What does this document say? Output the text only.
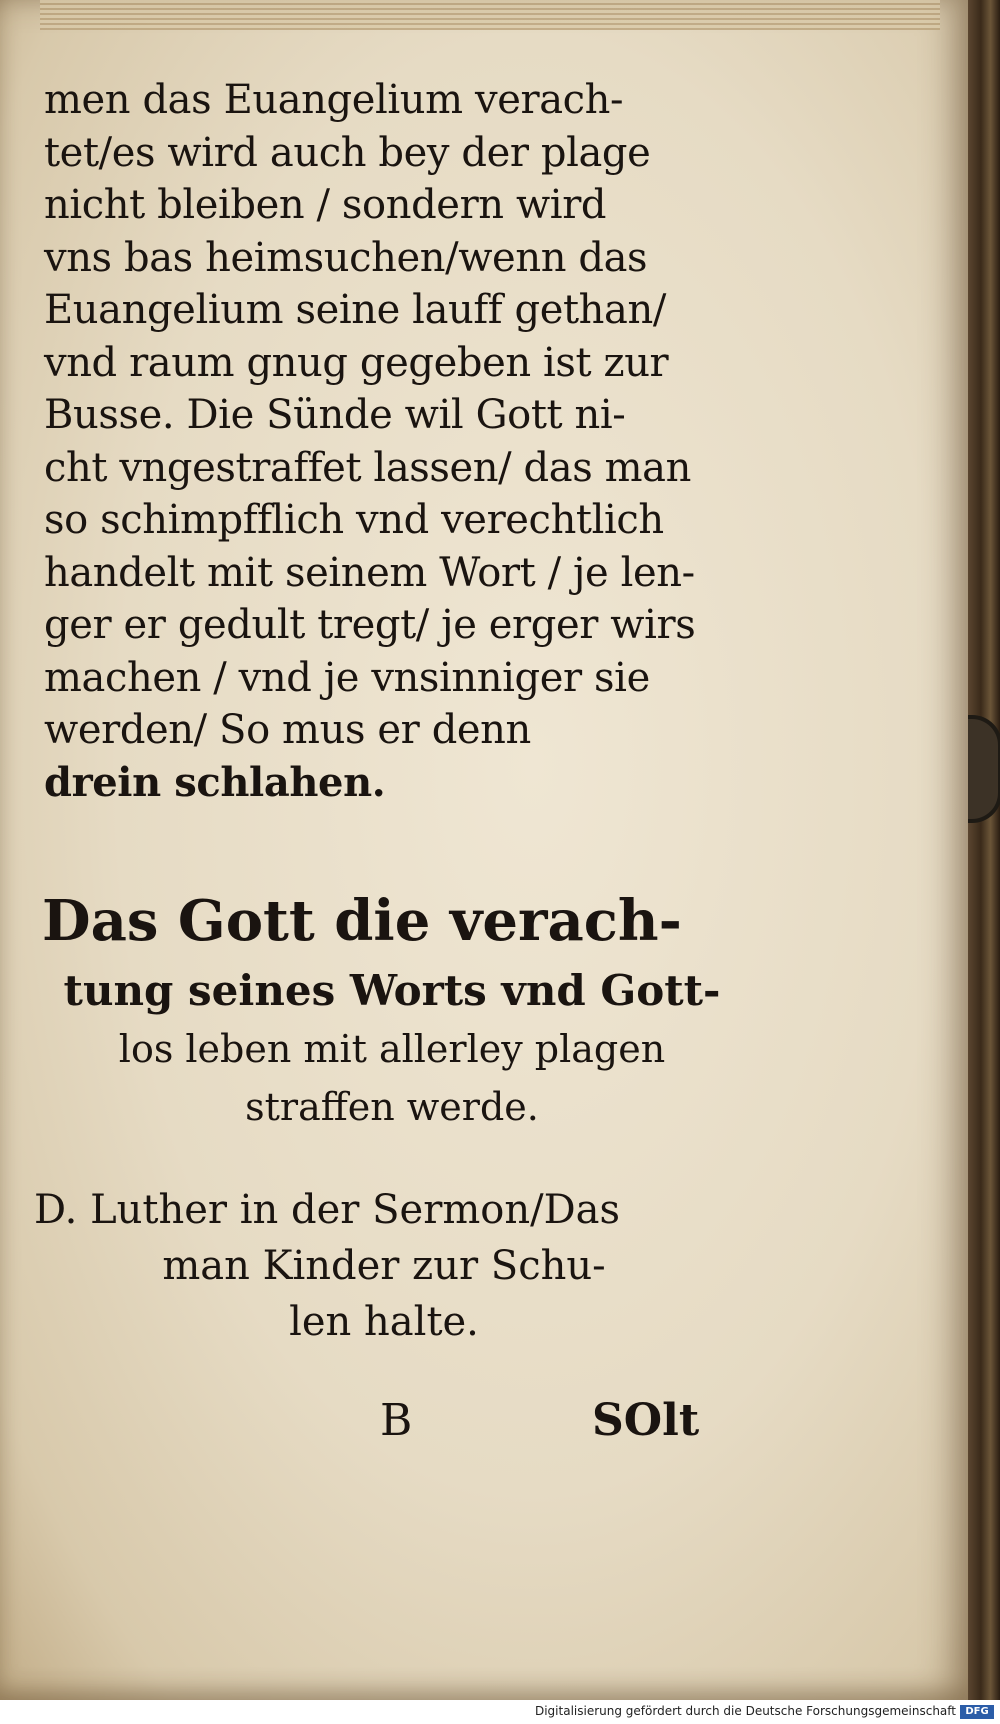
men das Euangelium verach-
tet/es wird auch bey der plage
nicht bleiben / sondern wird
vns bas heimsuchen/wenn das
Euangelium seine lauff gethan/
vnd raum gnug gegeben ist zur
Busse. Die Sünde wil Gott ni-
cht vngestraffet lassen/ das man
so schimpfflich vnd verechtlich
handelt mit seinem Wort / je len-
ger er gedult tregt/ je erger wirs
machen / vnd je vnsinniger sie
werden/ So mus er denn
drein schlahen.
Das Gott die verach-
tung seines Worts vnd Gott-
los leben mit allerley plagen
straffen werde.
D. Luther in der Sermon/Das
man Kinder zur Schu-
len halte.
B	SOlt
Digitalisierung gefördert durch die Deutsche Forschungsgemeinschaft DFG
